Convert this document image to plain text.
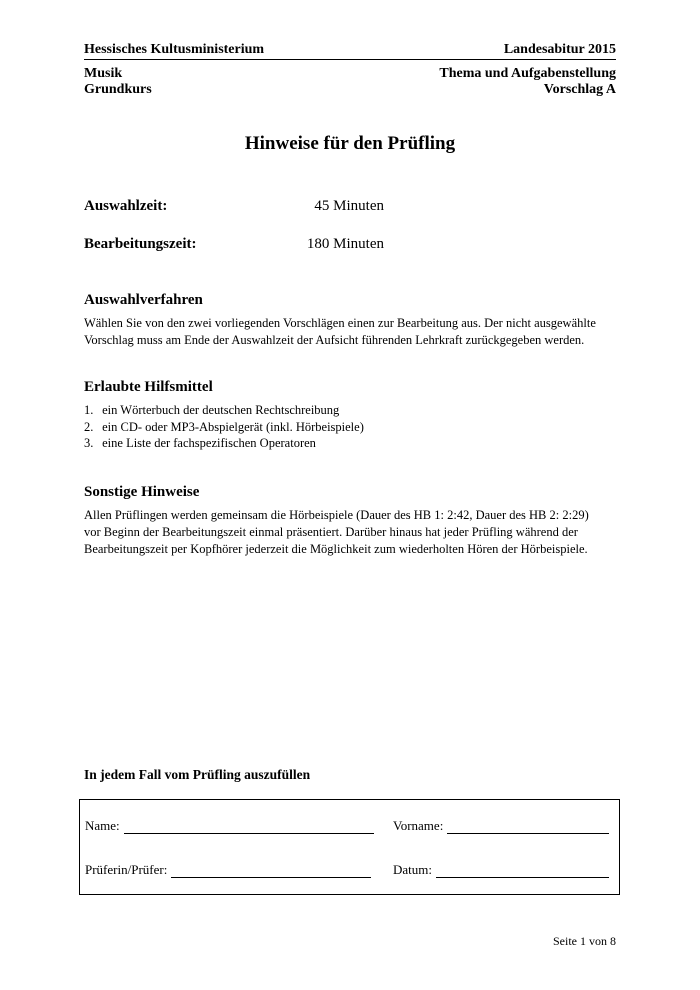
Hessisches Kultusministerium	Landesabitur 2015
Musik	Thema und Aufgabenstellung
Grundkurs	Vorschlag A
Hinweise für den Prüfling
Auswahlzeit:	45 Minuten
Bearbeitungszeit:	180 Minuten
Auswahlverfahren
Wählen Sie von den zwei vorliegenden Vorschlägen einen zur Bearbeitung aus. Der nicht ausgewählte
Vorschlag muss am Ende der Auswahlzeit der Aufsicht führenden Lehrkraft zurückgegeben werden.
Erlaubte Hilfsmittel
1. ein Wörterbuch der deutschen Rechtschreibung
2. ein CD- oder MP3-Abspielgerät (inkl. Hörbeispiele)
3. eine Liste der fachspezifischen Operatoren
Sonstige Hinweise
Allen Prüflingen werden gemeinsam die Hörbeispiele (Dauer des HB 1: 2:42, Dauer des HB 2: 2:29)
vor Beginn der Bearbeitungszeit einmal präsentiert. Darüber hinaus hat jeder Prüfling während der
Bearbeitungszeit per Kopfhörer jederzeit die Möglichkeit zum wiederholten Hören der Hörbeispiele.
In jedem Fall vom Prüfling auszufüllen
Name:	Vorname:
Prüferin/Prüfer:	Datum:
Seite 1 von 8
